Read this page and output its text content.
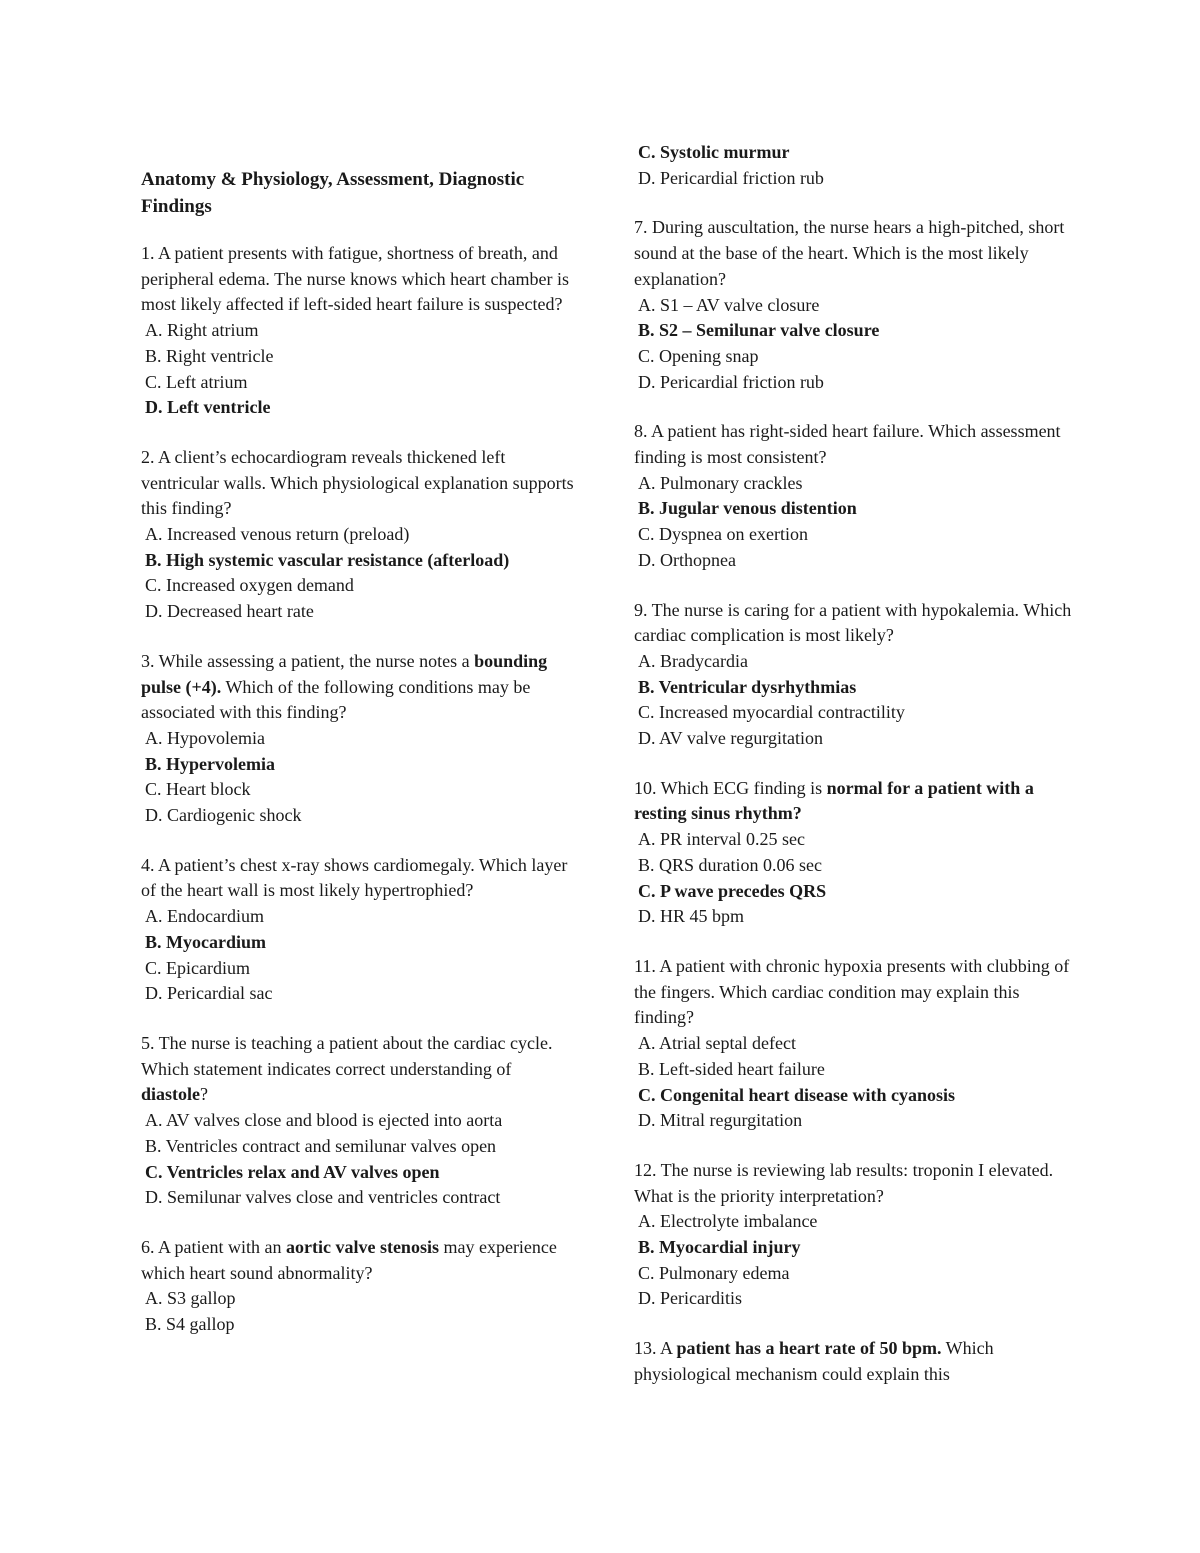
Anatomy & Physiology, Assessment, Diagnostic Findings
1. A patient presents with fatigue, shortness of breath, and peripheral edema. The nurse knows which heart chamber is most likely affected if left-sided heart failure is suspected?
A. Right atrium
B. Right ventricle
C. Left atrium
D. Left ventricle
2. A client’s echocardiogram reveals thickened left ventricular walls. Which physiological explanation supports this finding?
A. Increased venous return (preload)
B. High systemic vascular resistance (afterload)
C. Increased oxygen demand
D. Decreased heart rate
3. While assessing a patient, the nurse notes a bounding pulse (+4). Which of the following conditions may be associated with this finding?
A. Hypovolemia
B. Hypervolemia
C. Heart block
D. Cardiogenic shock
4. A patient’s chest x-ray shows cardiomegaly. Which layer of the heart wall is most likely hypertrophied?
A. Endocardium
B. Myocardium
C. Epicardium
D. Pericardial sac
5. The nurse is teaching a patient about the cardiac cycle. Which statement indicates correct understanding of diastole?
A. AV valves close and blood is ejected into aorta
B. Ventricles contract and semilunar valves open
C. Ventricles relax and AV valves open
D. Semilunar valves close and ventricles contract
6. A patient with an aortic valve stenosis may experience which heart sound abnormality?
A. S3 gallop
B. S4 gallop
C. Systolic murmur
D. Pericardial friction rub
7. During auscultation, the nurse hears a high-pitched, short sound at the base of the heart. Which is the most likely explanation?
A. S1 – AV valve closure
B. S2 – Semilunar valve closure
C. Opening snap
D. Pericardial friction rub
8. A patient has right-sided heart failure. Which assessment finding is most consistent?
A. Pulmonary crackles
B. Jugular venous distention
C. Dyspnea on exertion
D. Orthopnea
9. The nurse is caring for a patient with hypokalemia. Which cardiac complication is most likely?
A. Bradycardia
B. Ventricular dysrhythmias
C. Increased myocardial contractility
D. AV valve regurgitation
10. Which ECG finding is normal for a patient with a resting sinus rhythm?
A. PR interval 0.25 sec
B. QRS duration 0.06 sec
C. P wave precedes QRS
D. HR 45 bpm
11. A patient with chronic hypoxia presents with clubbing of the fingers. Which cardiac condition may explain this finding?
A. Atrial septal defect
B. Left-sided heart failure
C. Congenital heart disease with cyanosis
D. Mitral regurgitation
12. The nurse is reviewing lab results: troponin I elevated. What is the priority interpretation?
A. Electrolyte imbalance
B. Myocardial injury
C. Pulmonary edema
D. Pericarditis
13. A patient has a heart rate of 50 bpm. Which physiological mechanism could explain this
